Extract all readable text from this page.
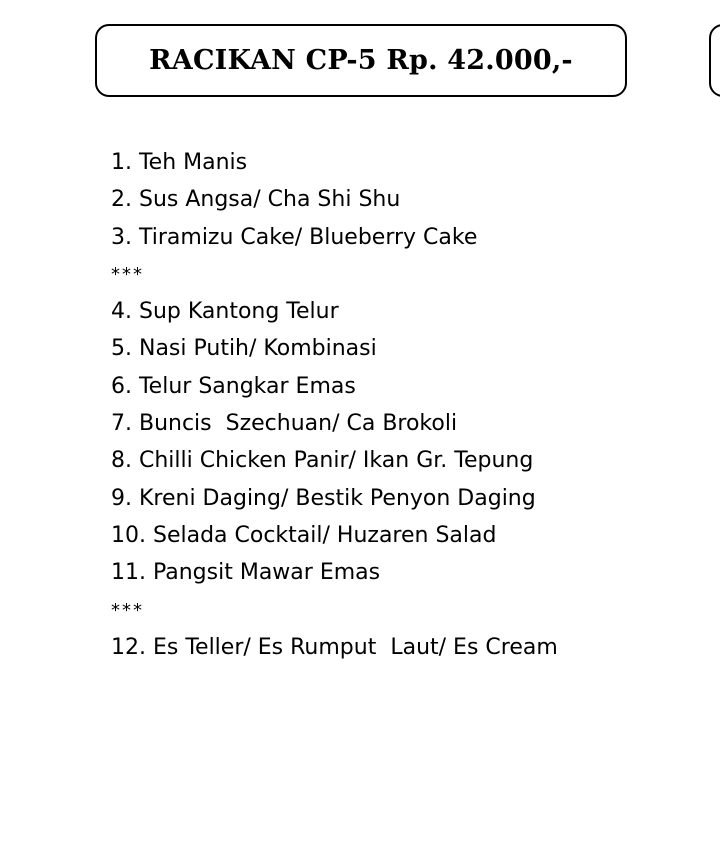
RACIKAN CP-5 Rp. 42.000,-
1. Teh Manis
2. Sus Angsa/ Cha Shi Shu
3. Tiramizu Cake/ Blueberry Cake
***
4. Sup Kantong Telur
5. Nasi Putih/ Kombinasi
6. Telur Sangkar Emas
7. Buncis  Szechuan/ Ca Brokoli
8. Chilli Chicken Panir/ Ikan Gr. Tepung
9. Kreni Daging/ Bestik Penyon Daging
10. Selada Cocktail/ Huzaren Salad
11. Pangsit Mawar Emas
***
12. Es Teller/ Es Rumput  Laut/ Es Cream
